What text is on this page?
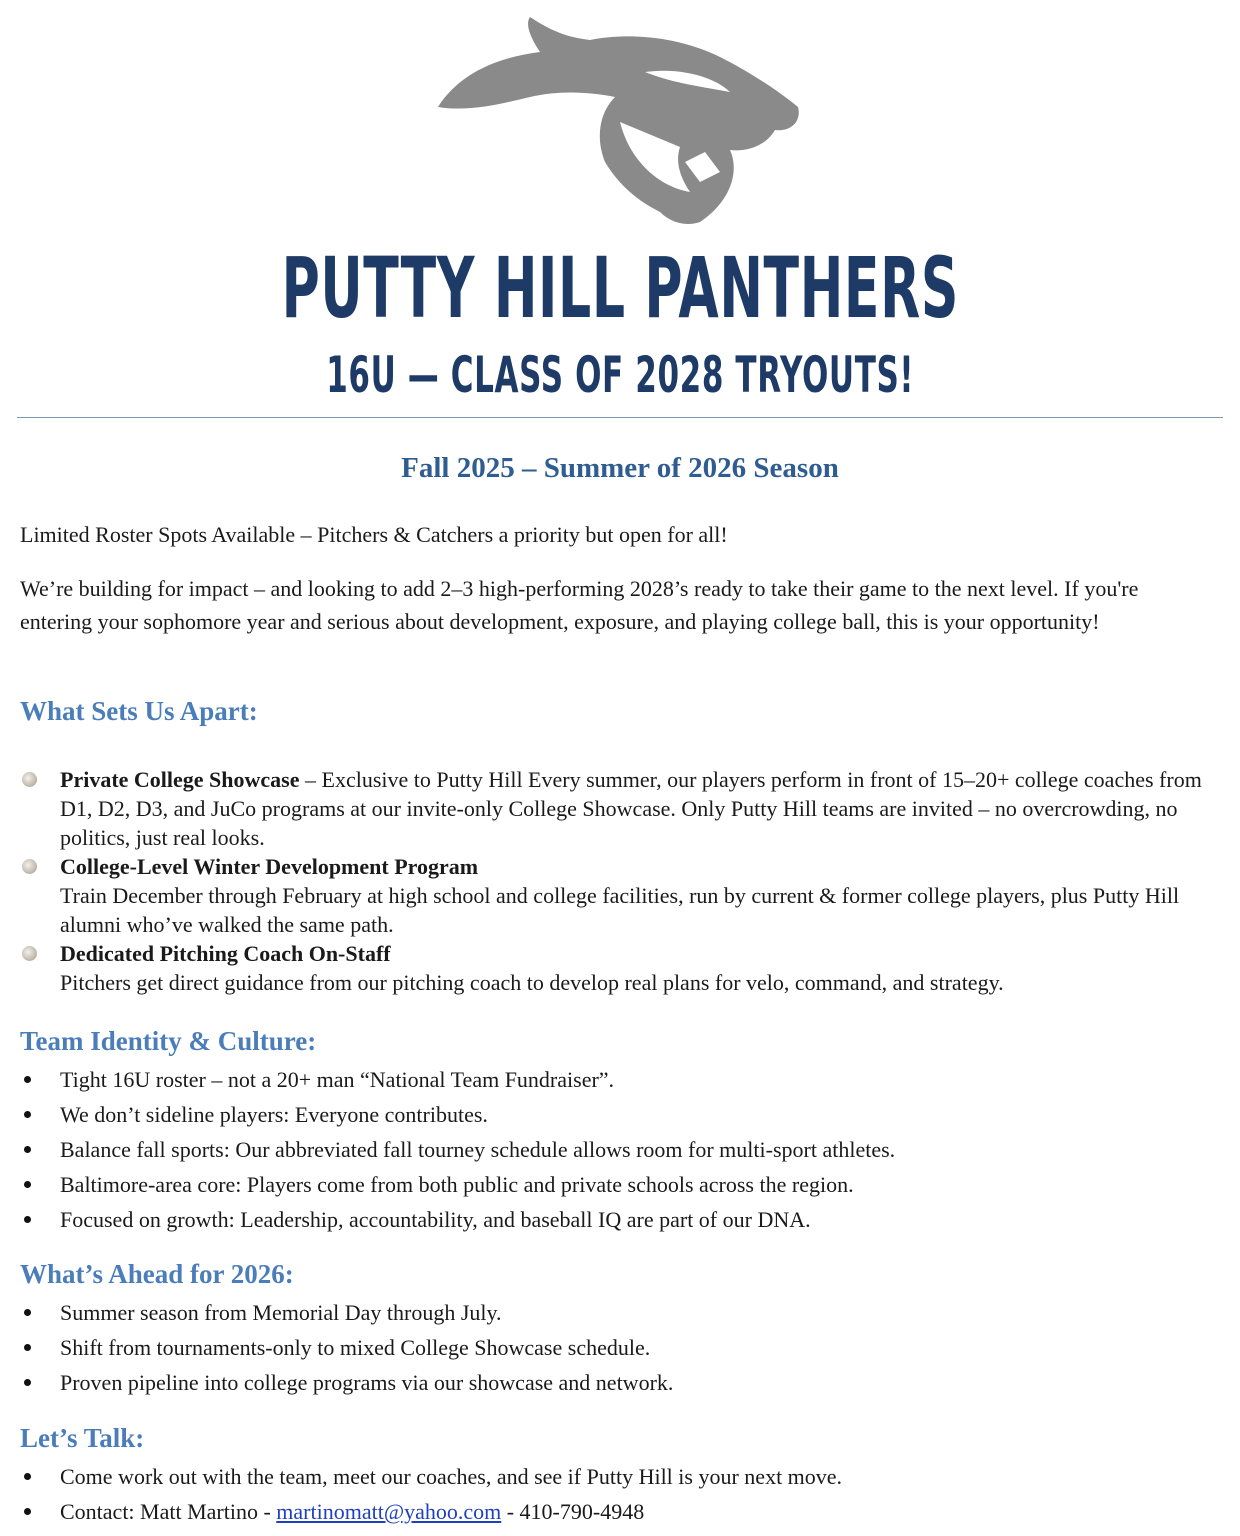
PUTTY HILL PANTHERS
16U — CLASS OF 2028 TRYOUTS!
Fall 2025 – Summer of 2026 Season

Limited Roster Spots Available – Pitchers & Catchers a priority but open for all!

We’re building for impact – and looking to add 2–3 high-performing 2028’s ready to take their game to the next level. If you're entering your sophomore year and serious about development, exposure, and playing college ball, this is your opportunity!

What Sets Us Apart:
Private College Showcase – Exclusive to Putty Hill Every summer, our players perform in front of 15–20+ college coaches from D1, D2, D3, and JuCo programs at our invite-only College Showcase. Only Putty Hill teams are invited – no overcrowding, no politics, just real looks.
College-Level Winter Development Program
Train December through February at high school and college facilities, run by current & former college players, plus Putty Hill alumni who’ve walked the same path.
Dedicated Pitching Coach On-Staff
Pitchers get direct guidance from our pitching coach to develop real plans for velo, command, and strategy.
Team Identity & Culture:
Tight 16U roster – not a 20+ man “National Team Fundraiser”.
We don’t sideline players: Everyone contributes.
Balance fall sports: Our abbreviated fall tourney schedule allows room for multi-sport athletes.
Baltimore-area core: Players come from both public and private schools across the region.
Focused on growth: Leadership, accountability, and baseball IQ are part of our DNA.
What’s Ahead for 2026:
Summer season from Memorial Day through July.
Shift from tournaments-only to mixed College Showcase schedule.
Proven pipeline into college programs via our showcase and network.
Let’s Talk:
Come work out with the team, meet our coaches, and see if Putty Hill is your next move.
Contact: Matt Martino - martinomatt@yahoo.com - 410-790-4948
